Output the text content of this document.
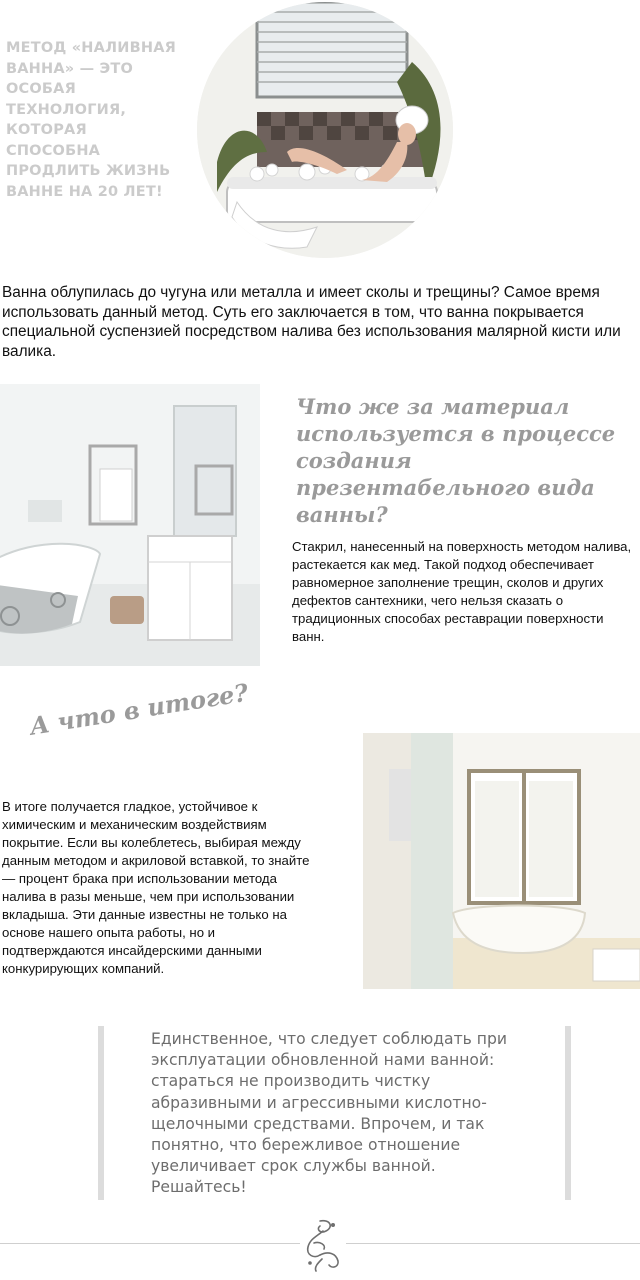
МЕТОД «НАЛИВНАЯ ВАННА» — ЭТО ОСОБАЯ ТЕХНОЛОГИЯ, КОТОРАЯ СПОСОБНА ПРОДЛИТЬ ЖИЗНЬ ВАННЕ НА 20 ЛЕТ!
Ванна облупилась до чугуна или металла и имеет сколы и трещины? Самое время использовать данный метод. Суть его заключается в том, что ванна покрывается специальной суспензией посредством налива без использования малярной кисти или валика.
Что же за материал используется в процессе создания презентабельного вида ванны?
Стакрил, нанесенный на поверхность методом налива, растекается как мед. Такой подход обеспечивает равномерное заполнение трещин, сколов и других дефектов сантехники, чего нельзя сказать о традиционных способах реставрации поверхности ванн.
А что в итоге?
В итоге получается гладкое, устойчивое к химическим и механическим воздействиям покрытие. Если вы колеблетесь, выбирая между данным методом и акриловой вставкой, то знайте — процент брака при использовании метода налива в разы меньше, чем при использовании вкладыша. Эти данные известны не только на основе нашего опыта работы, но и подтверждаются инсайдерскими данными конкурирующих компаний.
Единственное, что следует соблюдать при эксплуатации обновленной нами ванной: стараться не производить чистку абразивными и агрессивными кислотно-щелочными средствами. Впрочем, и так понятно, что бережливое отношение увеличивает срок службы ванной. Решайтесь!
